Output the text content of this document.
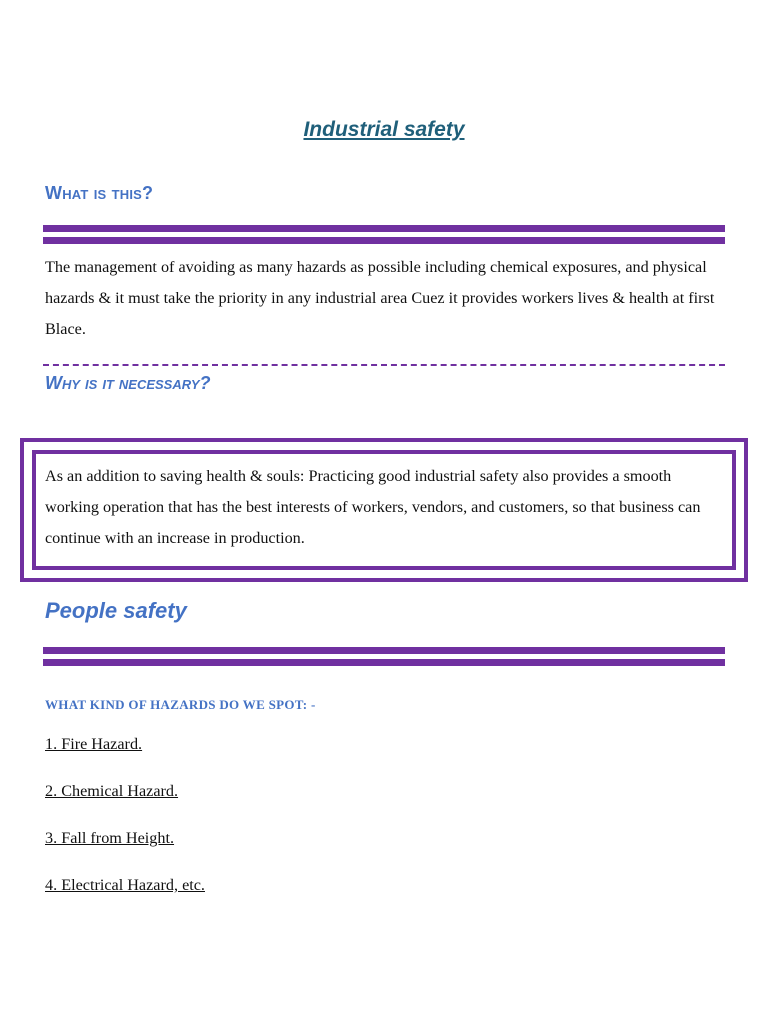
Industrial safety
What is this?
The management of avoiding as many hazards as possible including chemical exposures, and physical hazards & it must take the priority in any industrial area Cuez it provides workers lives & health at first Blace.
Why is it necessary?
As an addition to saving health & souls: Practicing good industrial safety also provides a smooth working operation that has the best interests of workers, vendors, and customers, so that business can continue with an increase in production.
People safety
WHAT KIND OF HAZARDS DO WE SPOT: -
1. Fire Hazard.
2. Chemical Hazard.
3. Fall from Height.
4. Electrical Hazard, etc.
